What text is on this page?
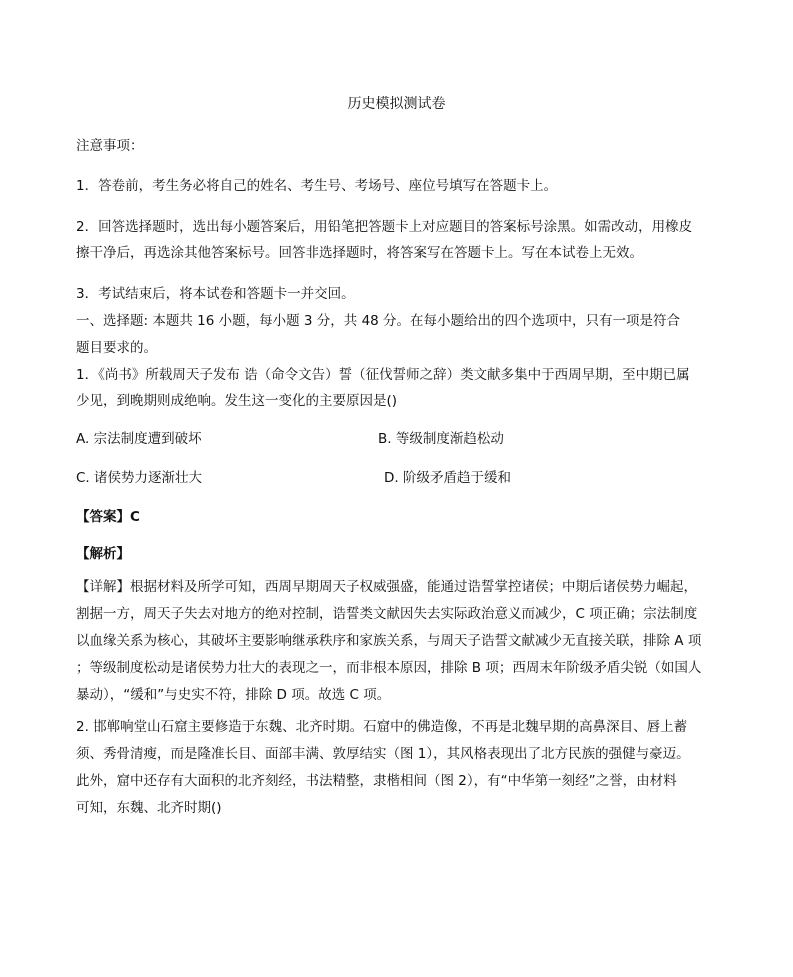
历史模拟测试卷
注意事项：
1．答卷前，考生务必将自己的姓名、考生号、考场号、座位号填写在答题卡上。
2．回答选择题时，选出每小题答案后，用铅笔把答题卡上对应题目的答案标号涂黑。如需改动，用橡皮
擦干净后，再选涂其他答案标号。回答非选择题时，将答案写在答题卡上。写在本试卷上无效。
3．考试结束后，将本试卷和答题卡一并交回。
一、选择题: 本题共 16 小题，每小题 3 分，共 48 分。在每小题给出的四个选项中，只有一项是符合
题目要求的。
1．《尚书》所载周天子发布 诰（命令文告）誓（征伐誓师之辞）类文献多集中于西周早期，至中期已属
少见，到晚期则成绝响。发生这一变化的主要原因是()
A. 宗法制度遭到破坏	B. 等级制度渐趋松动
C. 诸侯势力逐渐壮大	D. 阶级矛盾趋于缓和
【答案】C
【解析】
【详解】根据材料及所学可知，西周早期周天子权威强盛，能通过诰誓掌控诸侯；中期后诸侯势力崛起，
割据一方，周天子失去对地方的绝对控制，诰誓类文献因失去实际政治意义而减少，C 项正确；宗法制度
以血缘关系为核心，其破坏主要影响继承秩序和家族关系，与周天子诰誓文献减少无直接关联，排除 A 项
；等级制度松动是诸侯势力壮大的表现之一，而非根本原因，排除 B 项；西周末年阶级矛盾尖锐（如国人
暴动），“缓和”与史实不符，排除 D 项。故选 C 项。
2. 邯郸响堂山石窟主要修造于东魏、北齐时期。石窟中的佛造像，不再是北魏早期的高鼻深目、唇上蓄
须、秀骨清瘦，而是隆准长目、面部丰满、敦厚结实（图 1），其风格表现出了北方民族的强健与豪迈。
此外，窟中还存有大面积的北齐刻经，书法精整，隶楷相间（图 2），有“中华第一刻经”之誉，由材料
可知，东魏、北齐时期()
